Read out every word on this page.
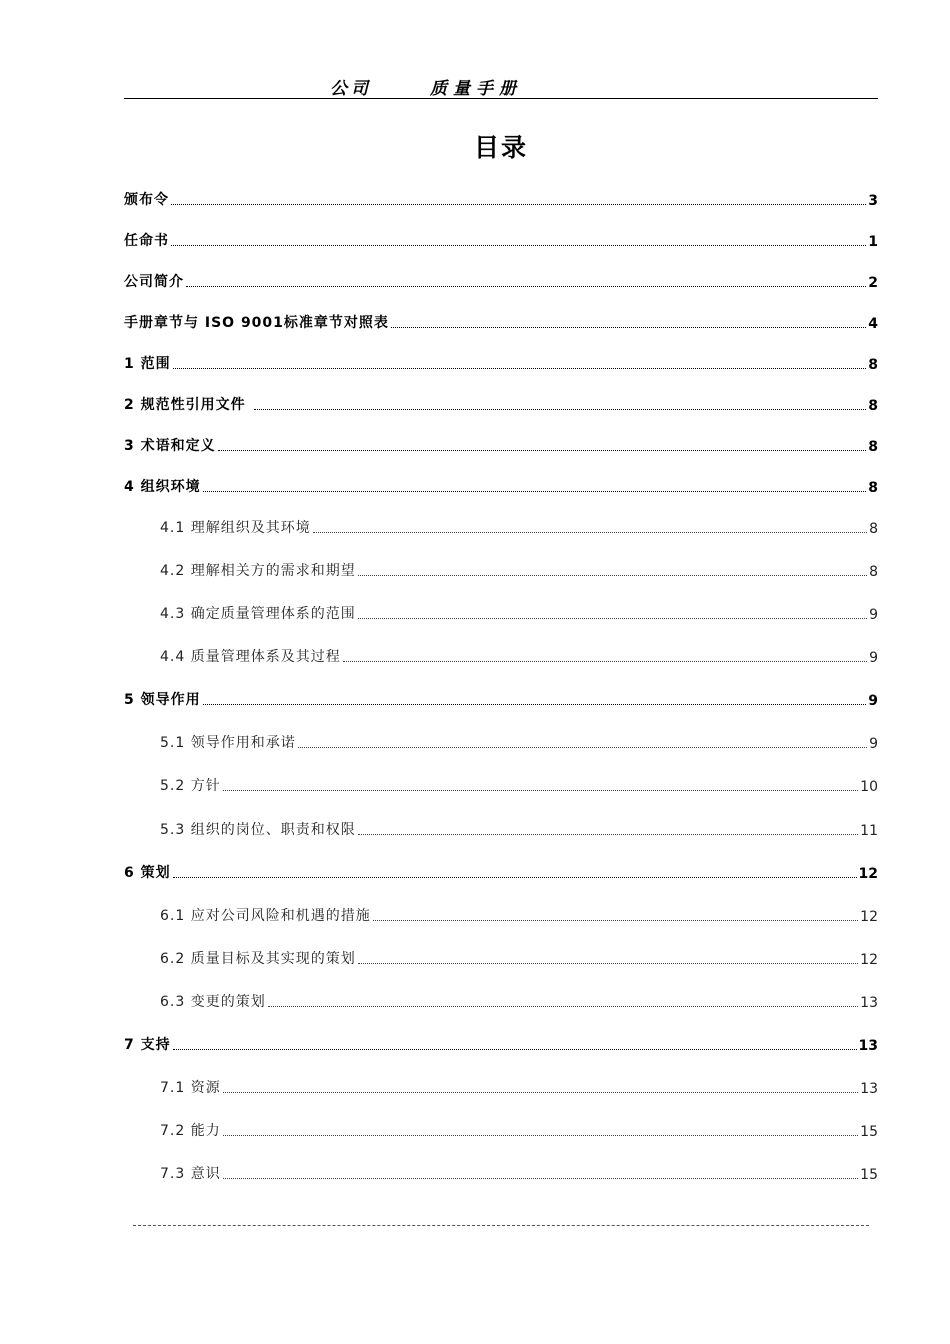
公司	质量手册
目录
颁布令	3
任命书	1
公司简介	2
手册章节与 ISO 9001标准章节对照表	4
1 范围	8
2 规范性引用文件	8
3 术语和定义	8
4 组织环境	8
4.1 理解组织及其环境	8
4.2 理解相关方的需求和期望	8
4.3 确定质量管理体系的范围	9
4.4 质量管理体系及其过程	9
5 领导作用	9
5.1 领导作用和承诺	9
5.2 方针	10
5.3 组织的岗位、职责和权限	11
6 策划	12
6.1 应对公司风险和机遇的措施	12
6.2 质量目标及其实现的策划	12
6.3 变更的策划	13
7 支持	13
7.1 资源	13
7.2 能力	15
7.3 意识	15
